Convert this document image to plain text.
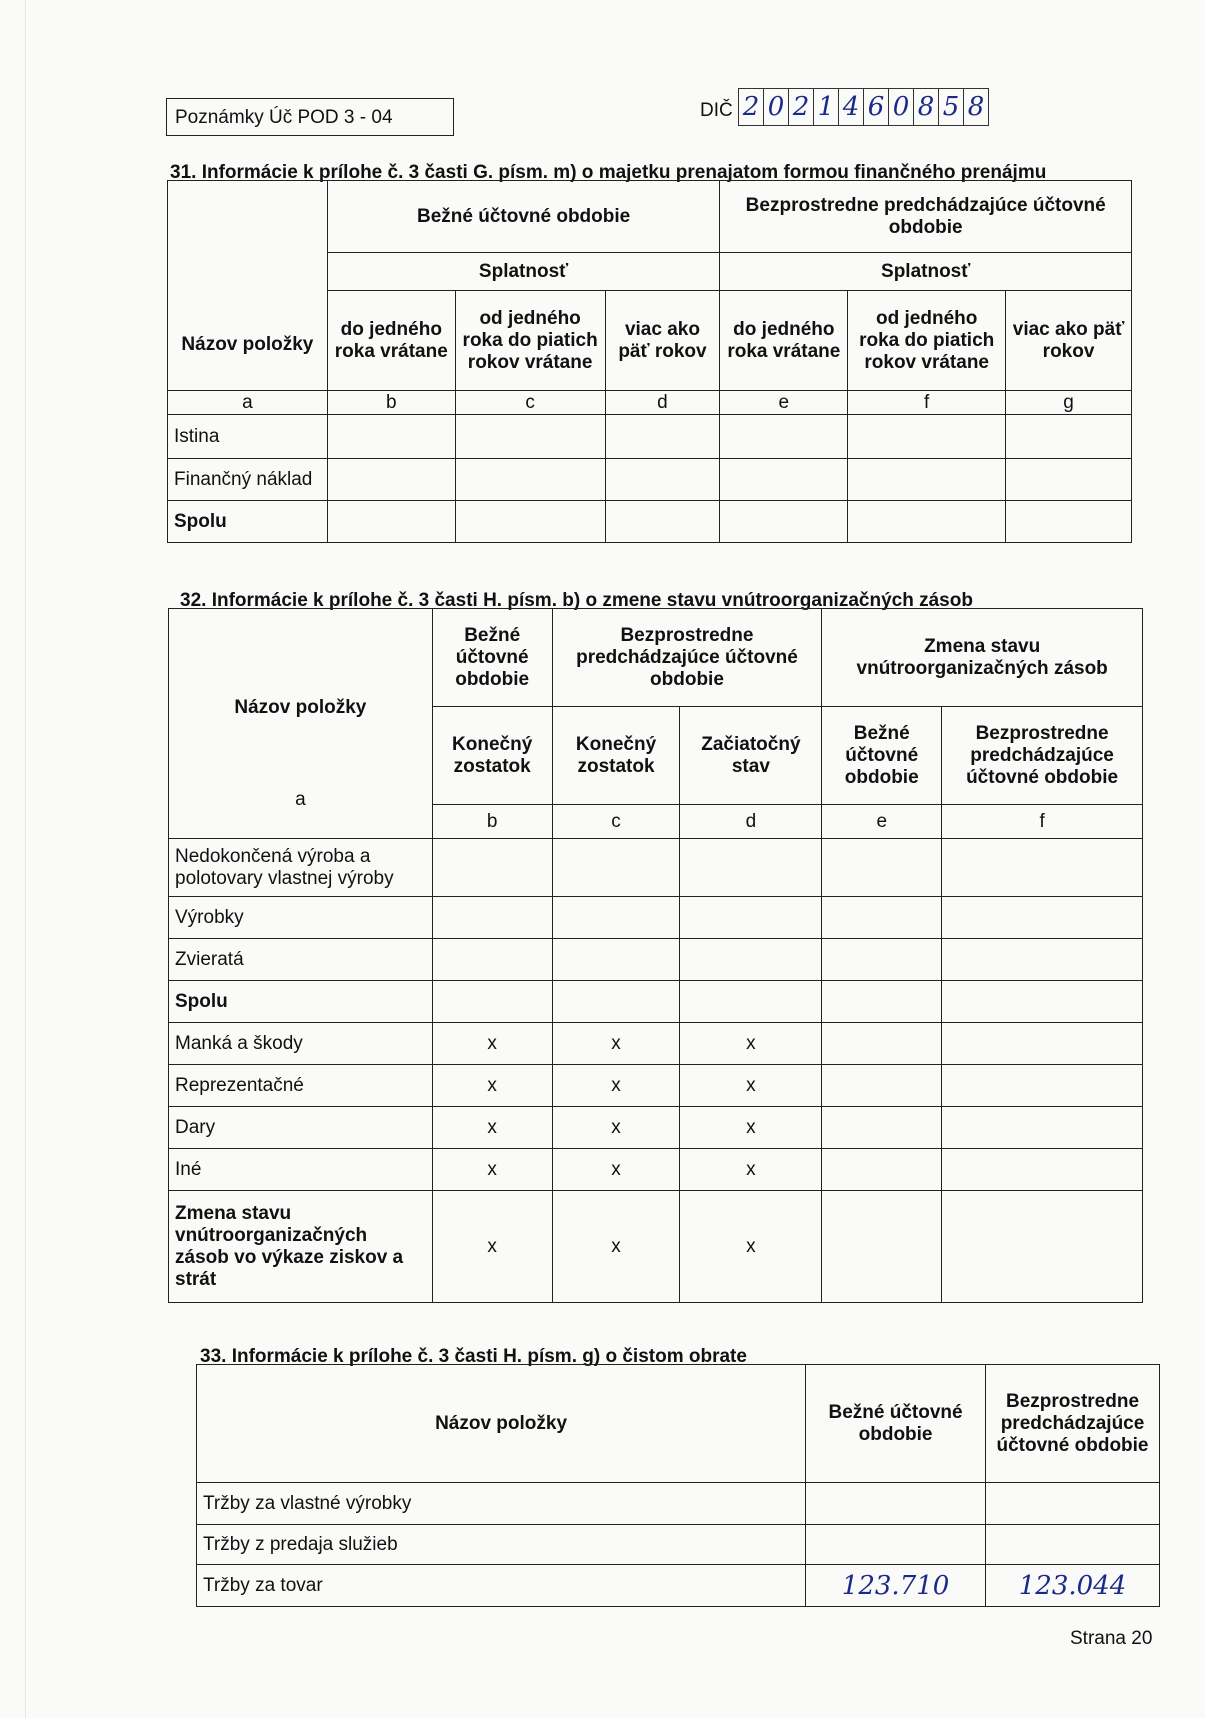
Poznámky Úč POD 3 - 04	DIČ 2 0 2 1 4 6 0 8 5 8
31. Informácie k prílohe č. 3 časti G. písm. m) o majetku prenajatom formou finančného prenájmu
Názov položky	Bežné účtovné obdobie			Bezprostredne predchádzajúce účtovné obdobie		
	Splatnosť			Splatnosť		
	do jedného roka vrátane	od jedného roka do piatich rokov vrátane	viac ako päť rokov	do jedného roka vrátane	od jedného roka do piatich rokov vrátane	viac ako päť rokov
a	b	c	d	e	f	g
Istina						
Finančný náklad						
Spolu						
32. Informácie k prílohe č. 3 časti H. písm. b) o zmene stavu vnútroorganizačných zásob
Názov položky
a	Bežné účtovné obdobie	Bezprostredne predchádzajúce účtovné obdobie		Zmena stavu vnútroorganizačných zásob	
	Konečný zostatok	Konečný zostatok	Začiatočný stav	Bežné účtovné obdobie	Bezprostredne predchádzajúce účtovné obdobie
	b	c	d	e	f
Nedokončená výroba a polotovary vlastnej výroby					
Výrobky					
Zvieratá					
Spolu					
Manká a škody	x	x	x		
Reprezentačné	x	x	x		
Dary	x	x	x		
Iné	x	x	x		
Zmena stavu vnútroorganizačných zásob vo výkaze ziskov a strát	x	x	x		
33. Informácie k prílohe č. 3 časti H. písm. g) o čistom obrate
Názov položky	Bežné účtovné obdobie	Bezprostredne predchádzajúce účtovné obdobie
Tržby za vlastné výrobky		
Tržby z predaja služieb		
Tržby za tovar	123.710	123.044
Strana 20
